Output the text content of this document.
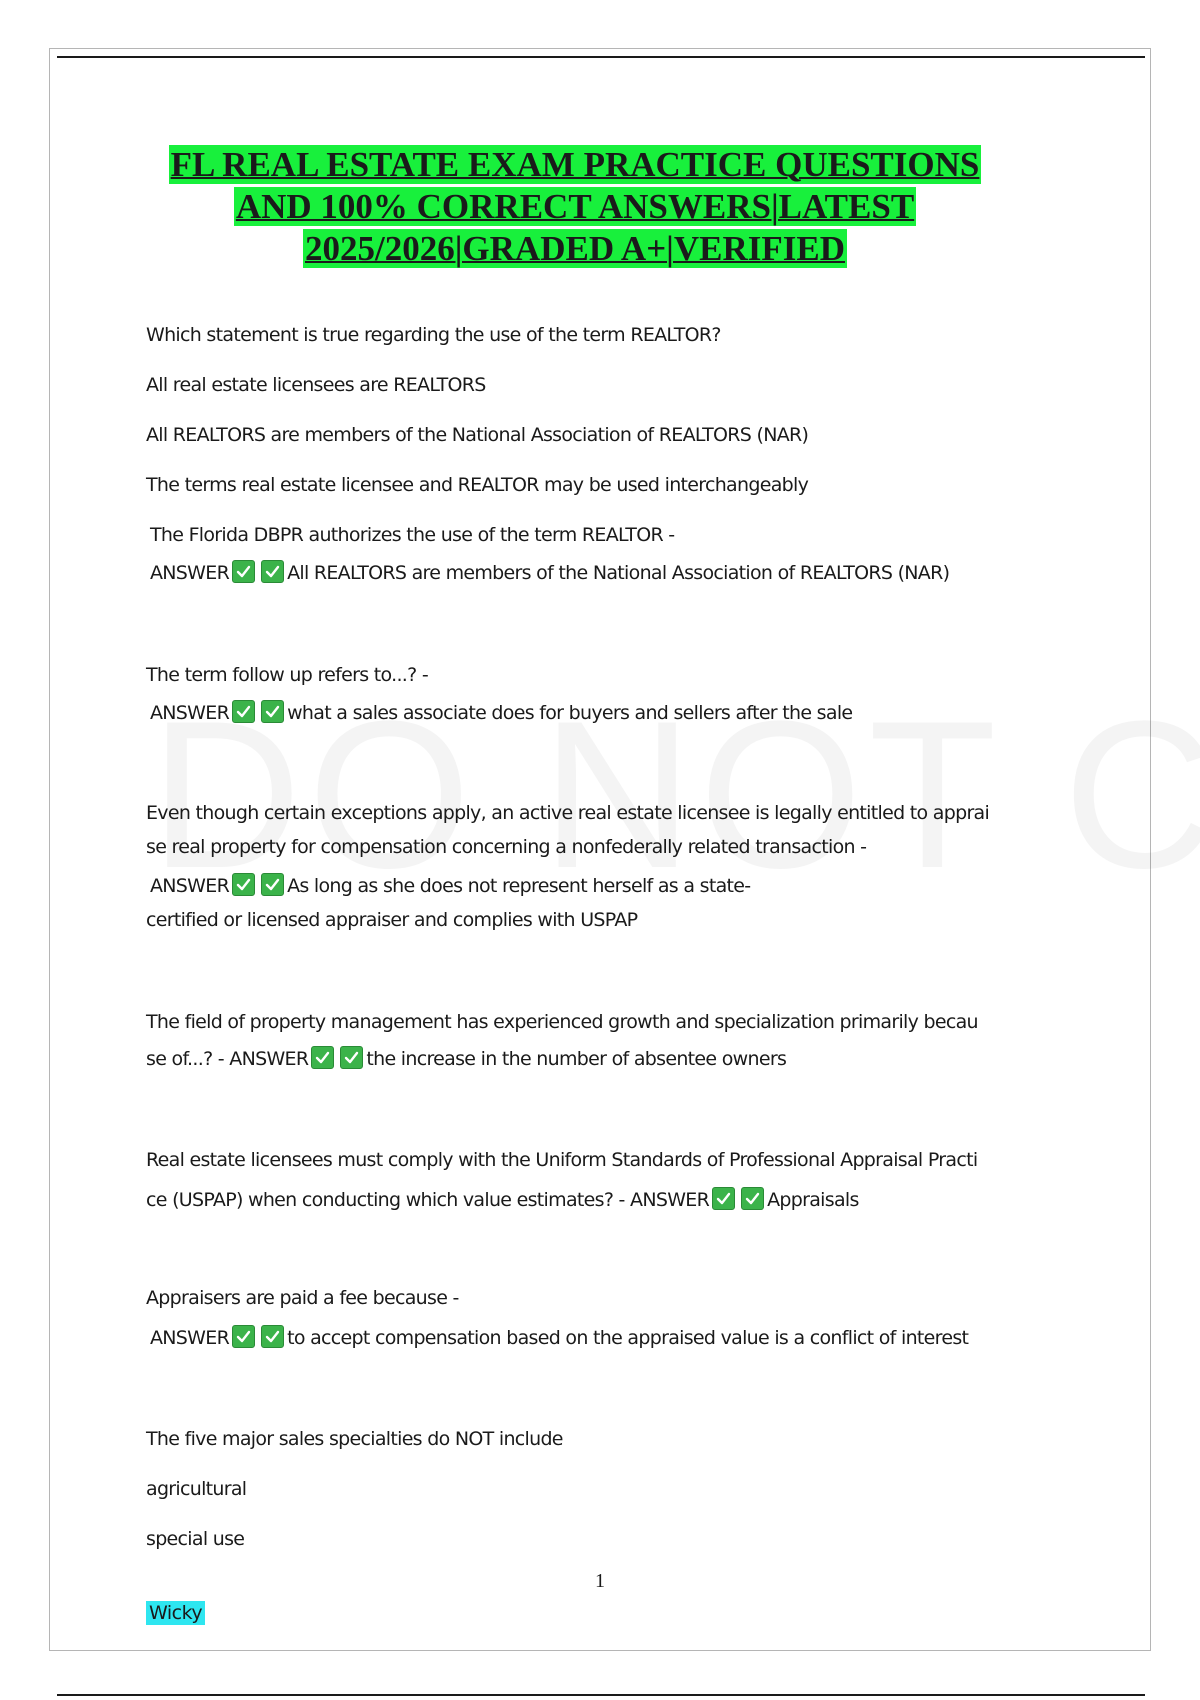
FL REAL ESTATE EXAM PRACTICE QUESTIONS
AND 100% CORRECT ANSWERS|LATEST
2025/2026|GRADED A+|VERIFIED
Which statement is true regarding the use of the term REALTOR?
All real estate licensees are REALTORS
All REALTORS are members of the National Association of REALTORS (NAR)
The terms real estate licensee and REALTOR may be used interchangeably
The Florida DBPR authorizes the use of the term REALTOR -
ANSWER	All REALTORS are members of the National Association of REALTORS (NAR)
The term follow up refers to...? -
ANSWER	what a sales associate does for buyers and sellers after the sale
Even though certain exceptions apply, an active real estate licensee is legally entitled to apprai
se real property for compensation concerning a nonfederally related transaction -
ANSWER	As long as she does not represent herself as a state-
certified or licensed appraiser and complies with USPAP
The field of property management has experienced growth and specialization primarily becau
se of...? - ANSWER	the increase in the number of absentee owners
Real estate licensees must comply with the Uniform Standards of Professional Appraisal Practi
ce (USPAP) when conducting which value estimates? - ANSWER	Appraisals
Appraisers are paid a fee because -
ANSWER	to accept compensation based on the appraised value is a conflict of interest
The five major sales specialties do NOT include
agricultural
special use
1
Wicky
